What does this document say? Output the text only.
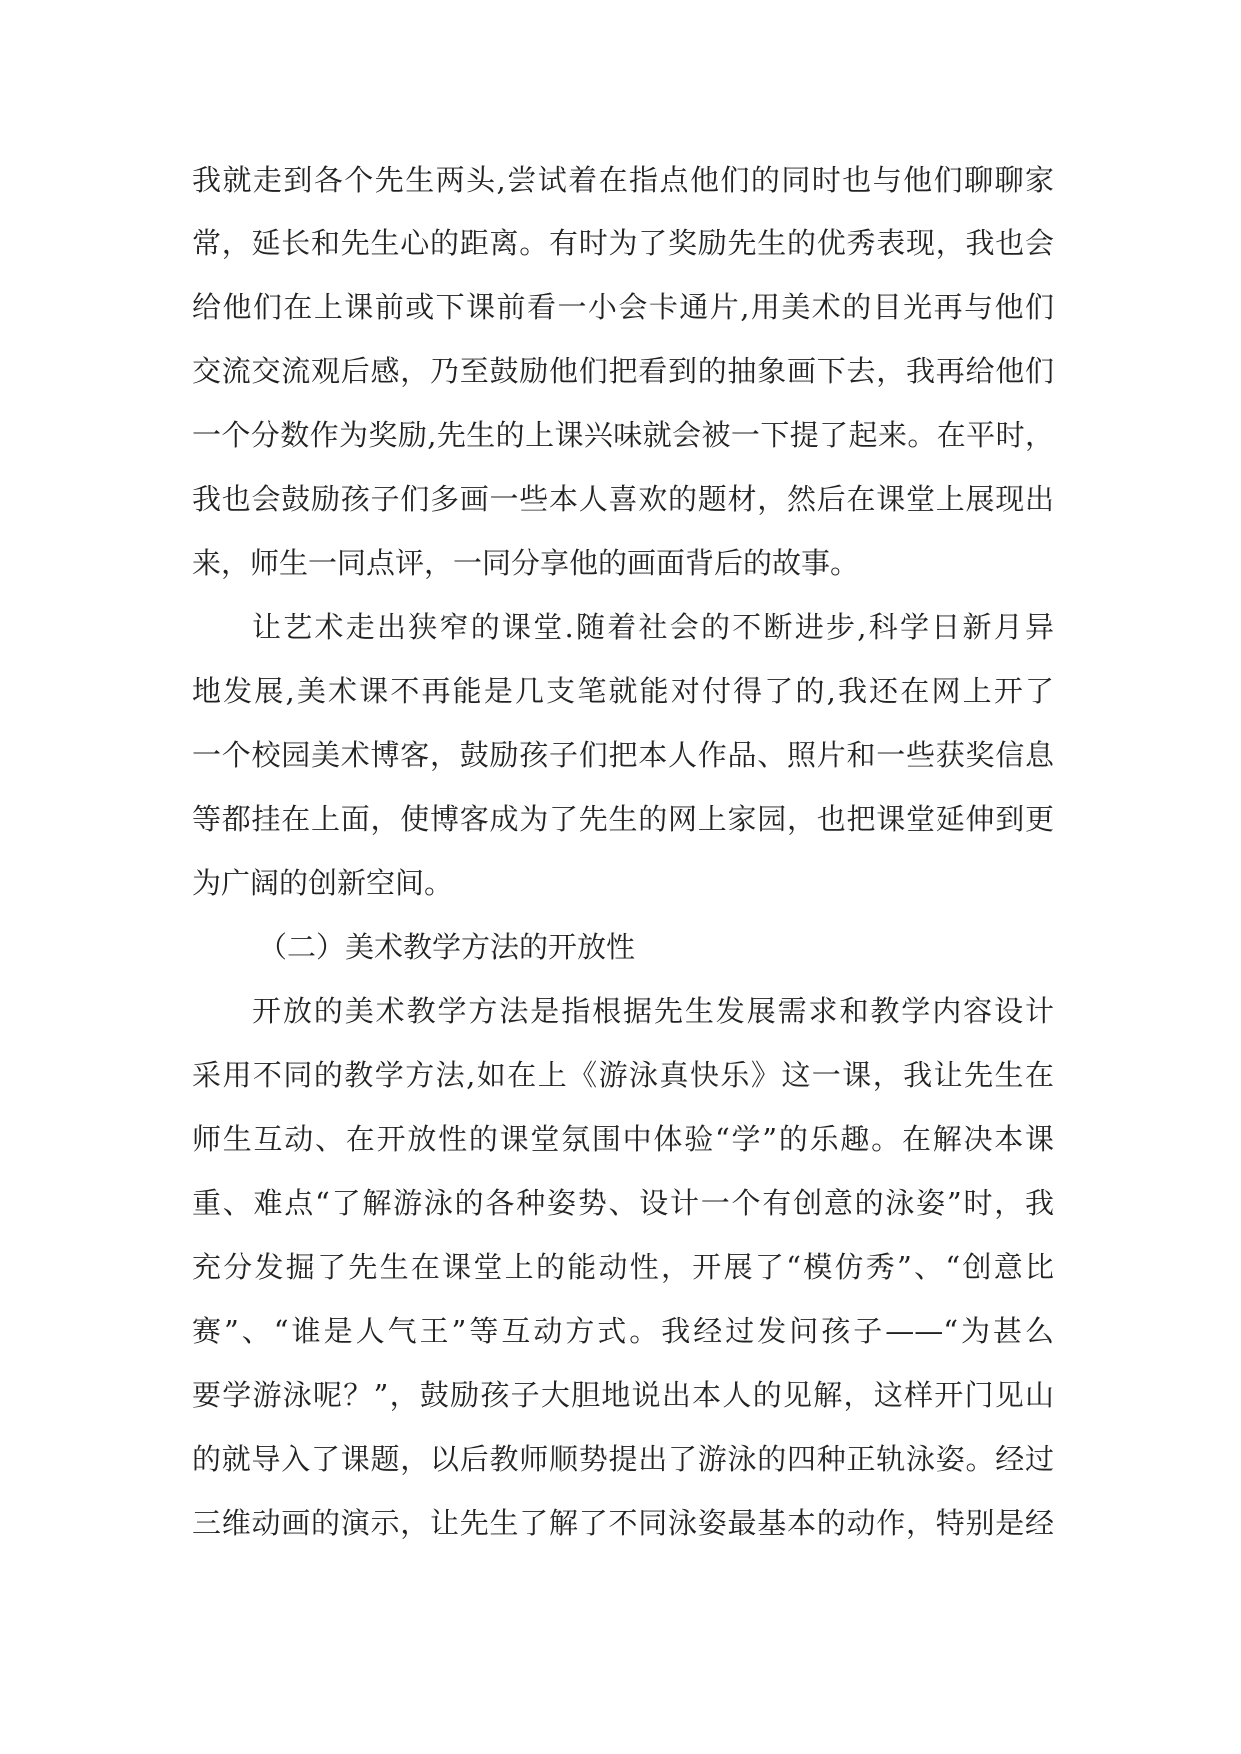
我就走到各个先生两头,尝试着在指点他们的同时也与他们聊聊家
常，延长和先生心的距离。有时为了奖励先生的优秀表现，我也会
给他们在上课前或下课前看一小会卡通片,用美术的目光再与他们
交流交流观后感，乃至鼓励他们把看到的抽象画下去，我再给他们
一个分数作为奖励,先生的上课兴味就会被一下提了起来。在平时，
我也会鼓励孩子们多画一些本人喜欢的题材，然后在课堂上展现出
来，师生一同点评，一同分享他的画面背后的故事。
让艺术走出狭窄的课堂.随着社会的不断进步,科学日新月异
地发展,美术课不再能是几支笔就能对付得了的,我还在网上开了
一个校园美术博客，鼓励孩子们把本人作品、照片和一些获奖信息
等都挂在上面，使博客成为了先生的网上家园，也把课堂延伸到更
为广阔的创新空间。
（二）美术教学方法的开放性
开放的美术教学方法是指根据先生发展需求和教学内容设计
采用不同的教学方法,如在上《游泳真快乐》这一课，我让先生在
师生互动、在开放性的课堂氛围中体验“学”的乐趣。在解决本课
重、难点“了解游泳的各种姿势、设计一个有创意的泳姿”时，我
充分发掘了先生在课堂上的能动性，开展了“模仿秀”、“创意比
赛”、“谁是人气王”等互动方式。我经过发问孩子——“为甚么
要学游泳呢？”，鼓励孩子大胆地说出本人的见解，这样开门见山
的就导入了课题，以后教师顺势提出了游泳的四种正轨泳姿。经过
三维动画的演示，让先生了解了不同泳姿最基本的动作，特别是经
